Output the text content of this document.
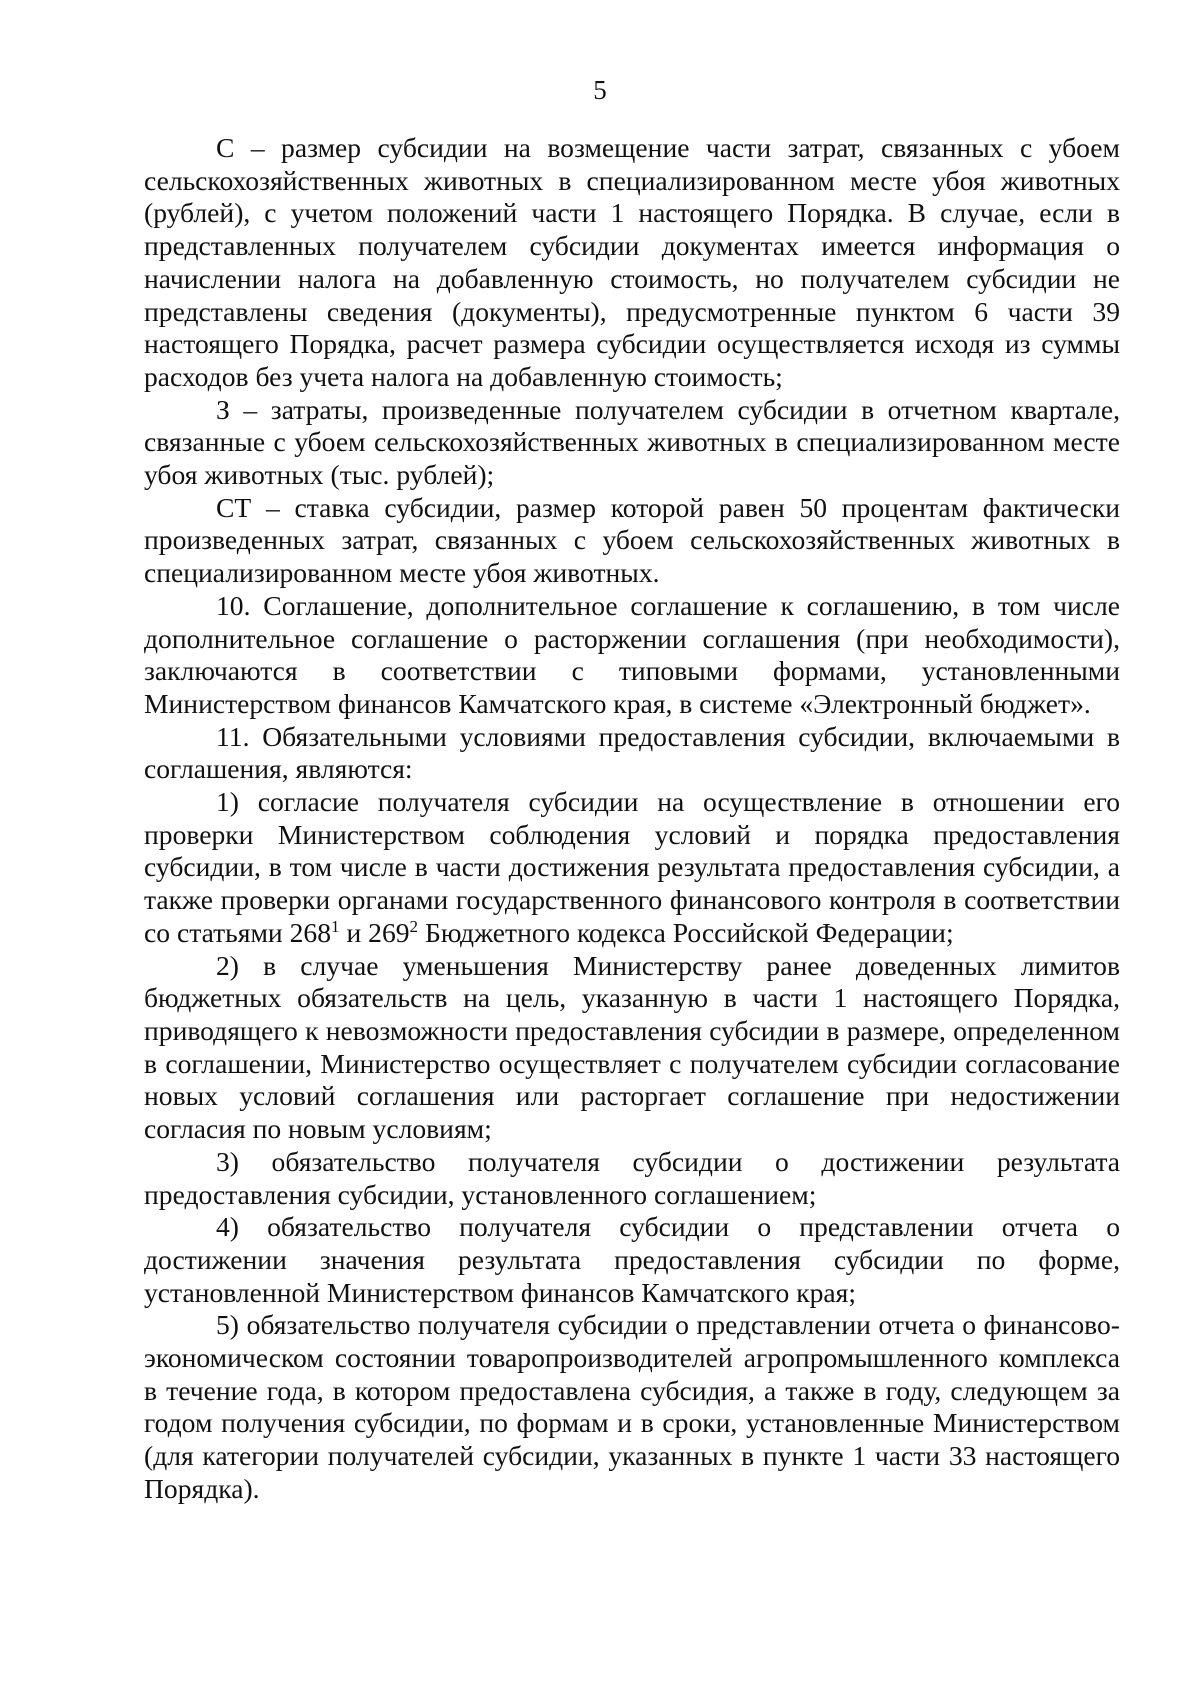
5

С – размер субсидии на возмещение части затрат, связанных с убоем сельскохозяйственных животных в специализированном месте убоя животных (рублей), с учетом положений части 1 настоящего Порядка. В случае, если в представленных получателем субсидии документах имеется информация о начислении налога на добавленную стоимость, но получателем субсидии не представлены сведения (документы), предусмотренные пунктом 6 части 39 настоящего Порядка, расчет размера субсидии осуществляется исходя из суммы расходов без учета налога на добавленную стоимость;

З – затраты, произведенные получателем субсидии в отчетном квартале, связанные с убоем сельскохозяйственных животных в специализированном месте убоя животных (тыс. рублей);

СТ – ставка субсидии, размер которой равен 50 процентам фактически произведенных затрат, связанных с убоем сельскохозяйственных животных в специализированном месте убоя животных.

10. Соглашение, дополнительное соглашение к соглашению, в том числе дополнительное соглашение о расторжении соглашения (при необходимости), заключаются в соответствии с типовыми формами, установленными Министерством финансов Камчатского края, в системе «Электронный бюджет».

11. Обязательными условиями предоставления субсидии, включаемыми в соглашения, являются:

1) согласие получателя субсидии на осуществление в отношении его проверки Министерством соблюдения условий и порядка предоставления субсидии, в том числе в части достижения результата предоставления субсидии, а также проверки органами государственного финансового контроля в соответствии со статьями $268^1$ и $269^2$ Бюджетного кодекса Российской Федерации;

2) в случае уменьшения Министерству ранее доведенных лимитов бюджетных обязательств на цель, указанную в части 1 настоящего Порядка, приводящего к невозможности предоставления субсидии в размере, определенном в соглашении, Министерство осуществляет с получателем субсидии согласование новых условий соглашения или расторгает соглашение при недостижении согласия по новым условиям;

3) обязательство получателя субсидии о достижении результата предоставления субсидии, установленного соглашением;

4) обязательство получателя субсидии о представлении отчета о достижении значения результата предоставления субсидии по форме, установленной Министерством финансов Камчатского края;

5) обязательство получателя субсидии о представлении отчета о финансово-экономическом состоянии товаропроизводителей агропромышленного комплекса в течение года, в котором предоставлена субсидия, а также в году, следующем за годом получения субсидии, по формам и в сроки, установленные Министерством (для категории получателей субсидии, указанных в пункте 1 части 33 настоящего Порядка).
